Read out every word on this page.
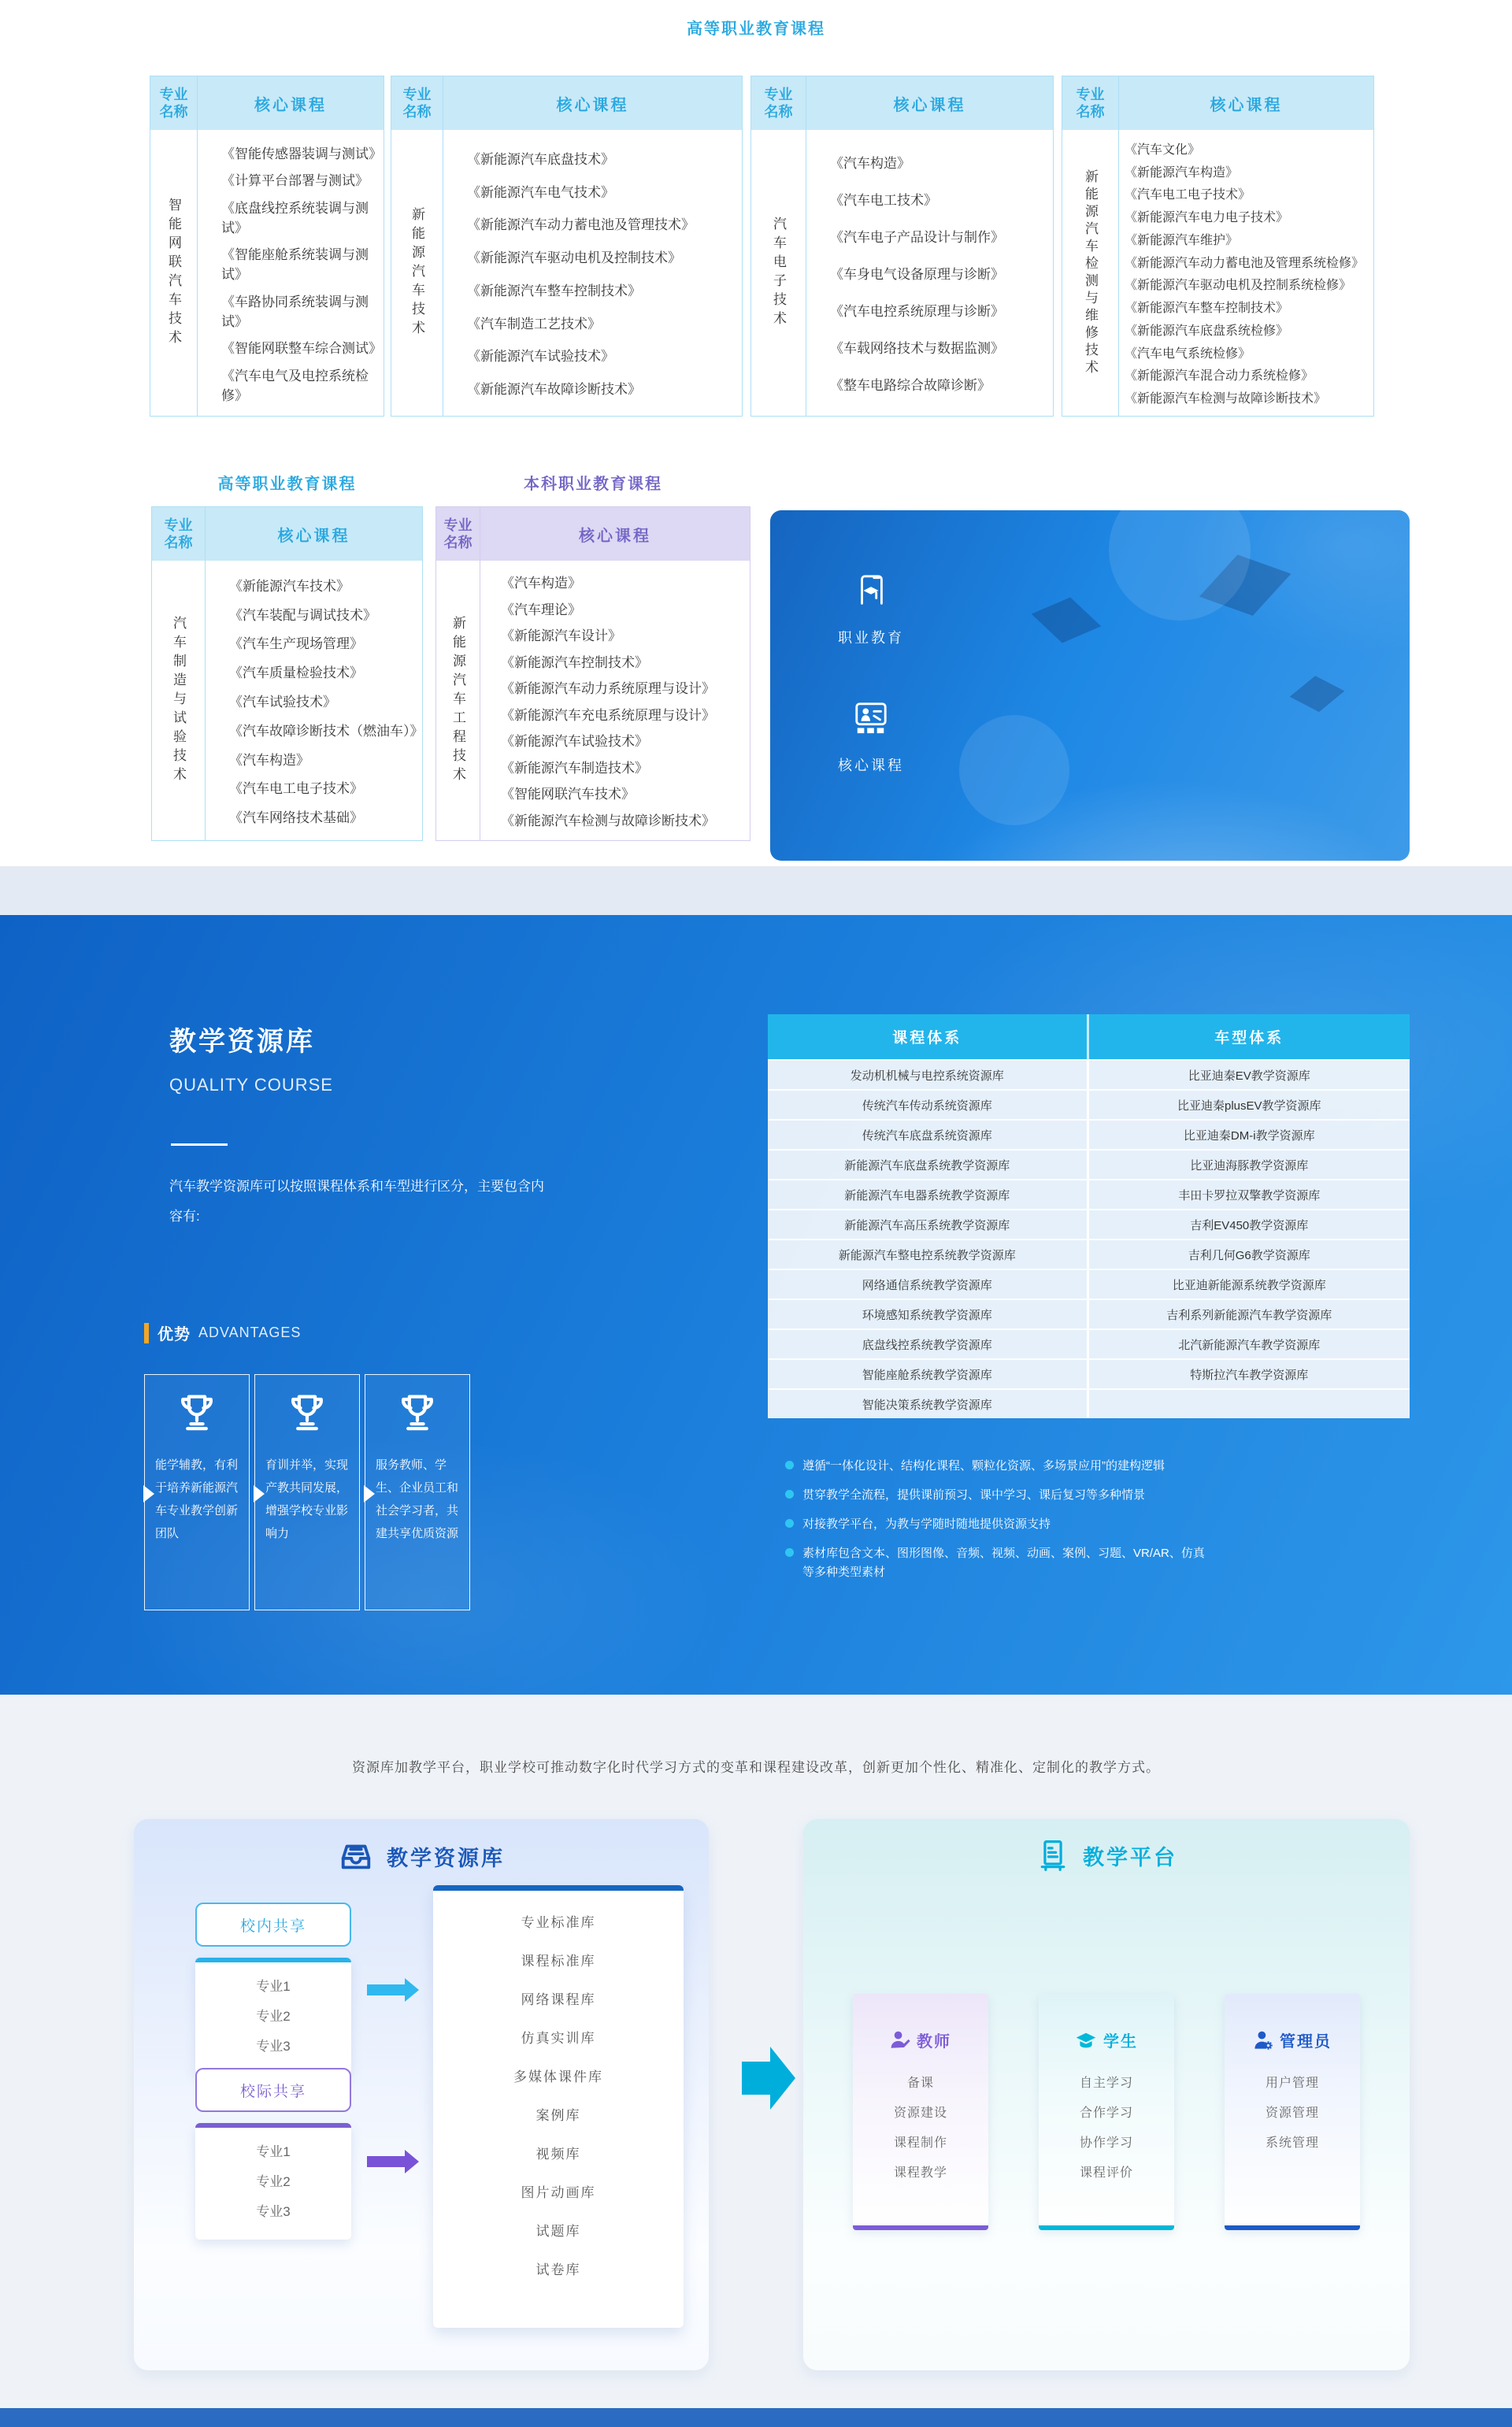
高等职业教育课程
专业名称	核心课程
智能网联汽车技术
《智能传感器装调与测试》
《计算平台部署与测试》
《底盘线控系统装调与测试》
《智能座舱系统装调与测试》
《车路协同系统装调与测试》
《智能网联整车综合测试》
《汽车电气及电控系统检修》
专业名称	核心课程
新能源汽车技术
《新能源汽车底盘技术》
《新能源汽车电气技术》
《新能源汽车动力蓄电池及管理技术》
《新能源汽车驱动电机及控制技术》
《新能源汽车整车控制技术》
《汽车制造工艺技术》
《新能源汽车试验技术》
《新能源汽车故障诊断技术》
专业名称	核心课程
汽车电子技术
《汽车构造》
《汽车电工技术》
《汽车电子产品设计与制作》
《车身电气设备原理与诊断》
《汽车电控系统原理与诊断》
《车载网络技术与数据监测》
《整车电路综合故障诊断》
专业名称	核心课程
新能源汽车检测与维修技术
《汽车文化》
《新能源汽车构造》
《汽车电工电子技术》
《新能源汽车电力电子技术》
《新能源汽车维护》
《新能源汽车动力蓄电池及管理系统检修》
《新能源汽车驱动电机及控制系统检修》
《新能源汽车整车控制技术》
《新能源汽车底盘系统检修》
《汽车电气系统检修》
《新能源汽车混合动力系统检修》
《新能源汽车检测与故障诊断技术》
高等职业教育课程	本科职业教育课程
专业名称	核心课程
汽车制造与试验技术
《新能源汽车技术》
《汽车装配与调试技术》
《汽车生产现场管理》
《汽车质量检验技术》
《汽车试验技术》
《汽车故障诊断技术（燃油车）》
《汽车构造》
《汽车电工电子技术》
《汽车网络技术基础》
专业名称	核心课程
新能源汽车工程技术
《汽车构造》
《汽车理论》
《新能源汽车设计》
《新能源汽车控制技术》
《新能源汽车动力系统原理与设计》
《新能源汽车充电系统原理与设计》
《新能源汽车试验技术》
《新能源汽车制造技术》
《智能网联汽车技术》
《新能源汽车检测与故障诊断技术》
职业教育
核心课程
教学资源库
QUALITY COURSE
汽车教学资源库可以按照课程体系和车型进行区分，主要包含内容有:
优势 ADVANTAGES
能学辅教，有利于培养新能源汽车专业教学创新团队
育训并举，实现产教共同发展，增强学校专业影响力
服务教师、学生、企业员工和社会学习者，共建共享优质资源
课程体系	车型体系
发动机机械与电控系统资源库	比亚迪秦EV教学资源库
传统汽车传动系统资源库	比亚迪秦plusEV教学资源库
传统汽车底盘系统资源库	比亚迪秦DM-i教学资源库
新能源汽车底盘系统教学资源库	比亚迪海豚教学资源库
新能源汽车电器系统教学资源库	丰田卡罗拉双擎教学资源库
新能源汽车高压系统教学资源库	吉利EV450教学资源库
新能源汽车整电控系统教学资源库	吉利几何G6教学资源库
网络通信系统教学资源库	比亚迪新能源系统教学资源库
环境感知系统教学资源库	吉利系列新能源汽车教学资源库
底盘线控系统教学资源库	北汽新能源汽车教学资源库
智能座舱系统教学资源库	特斯拉汽车教学资源库
智能决策系统教学资源库
遵循“一体化设计、结构化课程、颗粒化资源、多场景应用”的建构逻辑
贯穿教学全流程，提供课前预习、课中学习、课后复习等多种情景
对接教学平台，为教与学随时随地提供资源支持
素材库包含文本、图形图像、音频、视频、动画、案例、习题、VR/AR、仿真等多种类型素材
资源库加教学平台，职业学校可推动数字化时代学习方式的变革和课程建设改革，创新更加个性化、精准化、定制化的教学方式。
教学资源库
校内共享
专业1
专业2
专业3
校际共享
专业1
专业2
专业3
专业标准库
课程标准库
网络课程库
仿真实训库
多媒体课件库
案例库
视频库
图片动画库
试题库
试卷库
教学平台
教师
备课
资源建设
课程制作
课程教学
学生
自主学习
合作学习
协作学习
课程评价
管理员
用户管理
资源管理
系统管理
